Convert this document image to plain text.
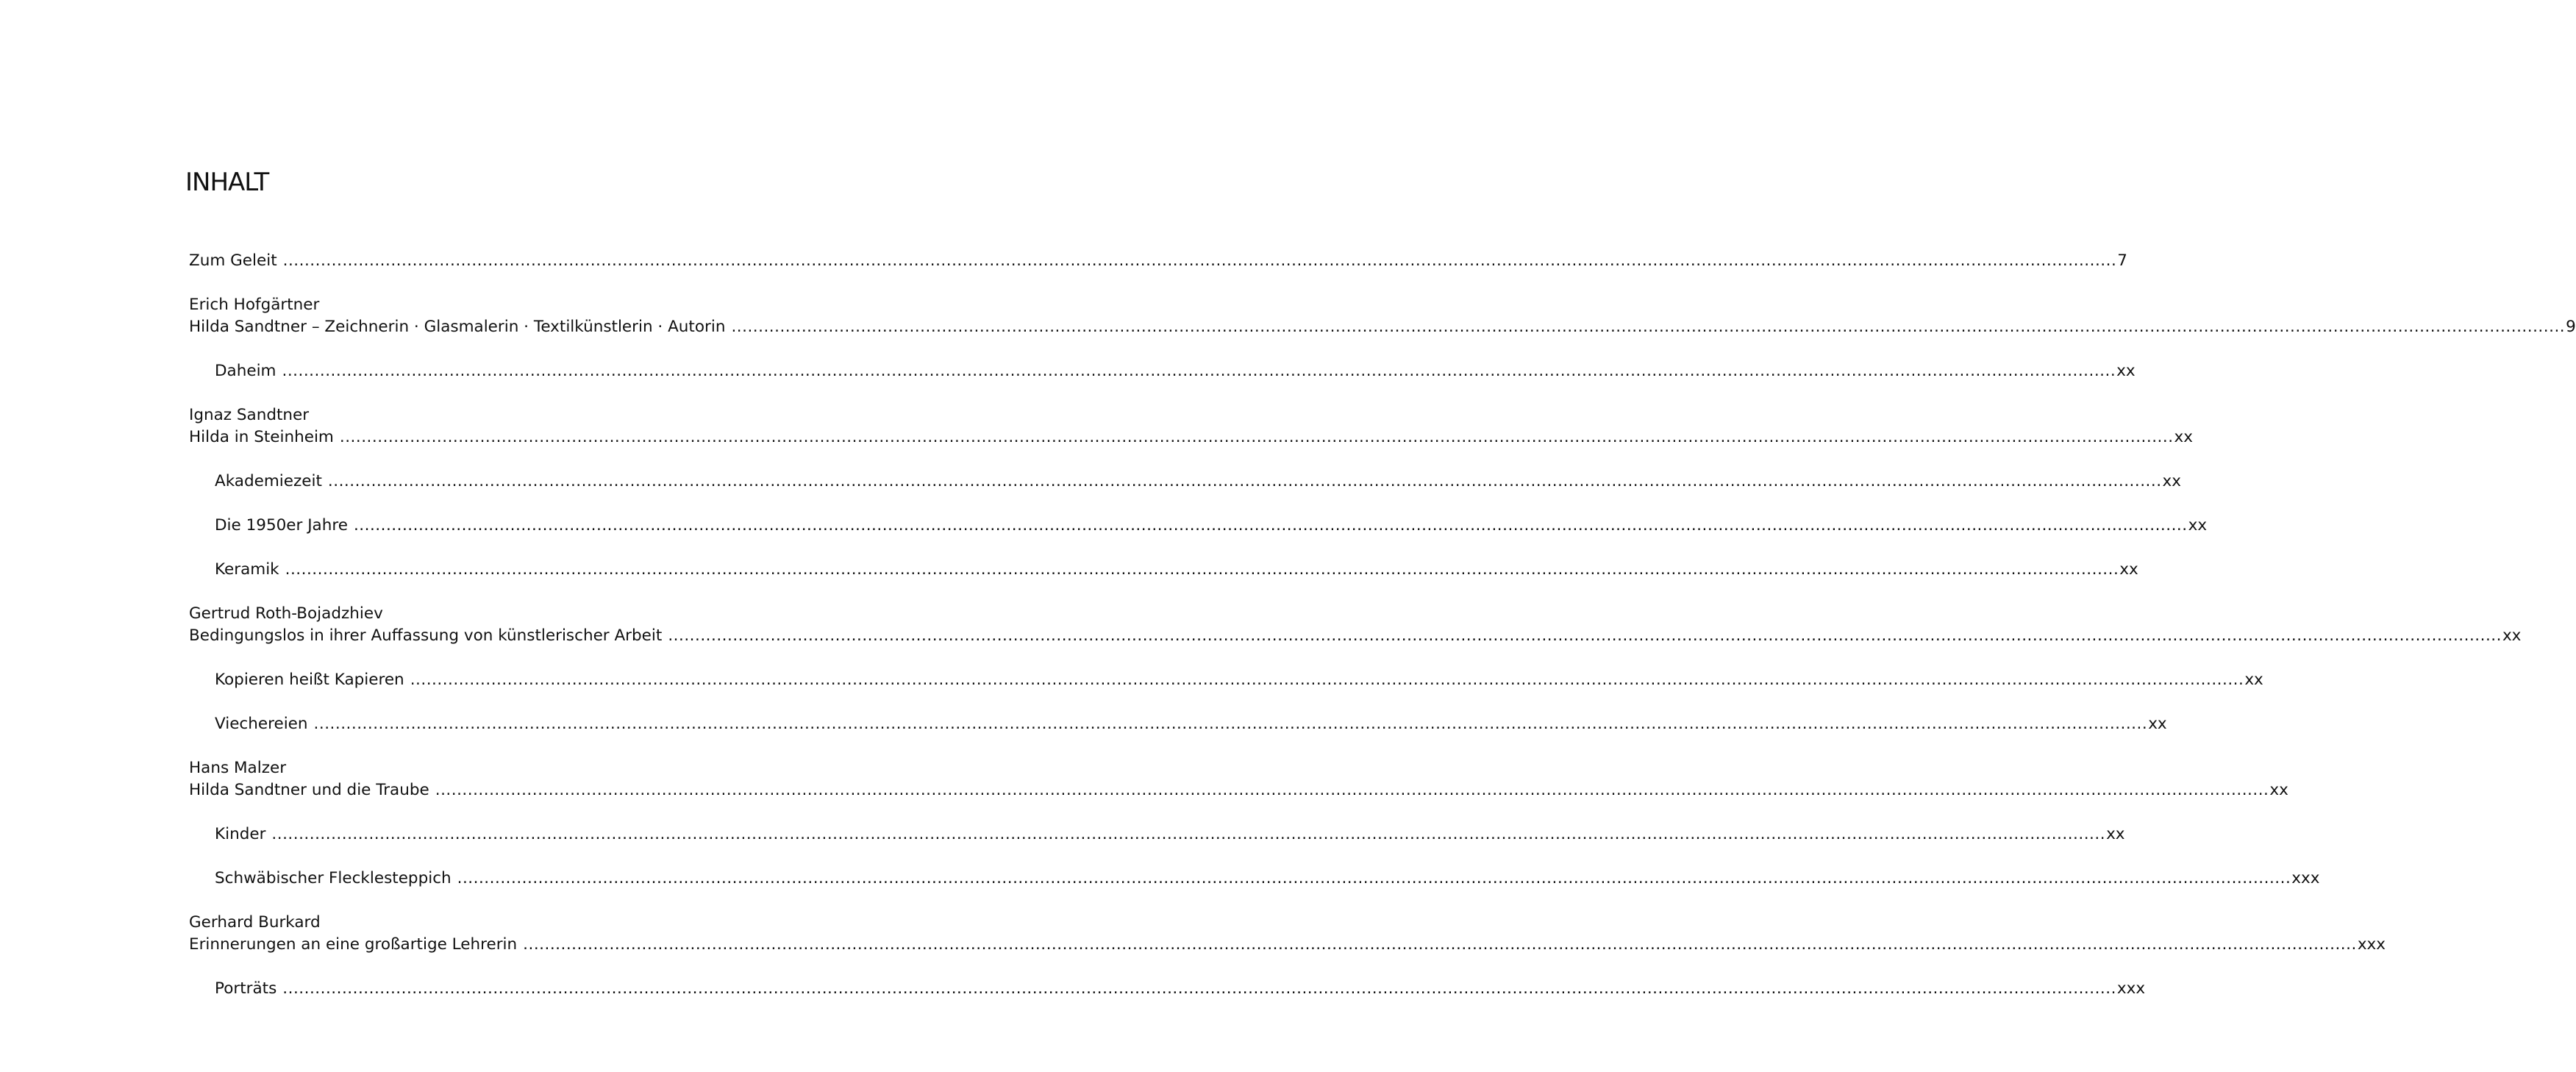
INHALT
Zum Geleit .....	7
Erich Hofgärtner
Hilda Sandtner – Zeichnerin · Glasmalerin · Textilkünstlerin · Autorin .....	9
Daheim .....	xx
Ignaz Sandtner
Hilda in Steinheim .....	xx
Akademiezeit .....	xx
Die 1950er Jahre .....	xx
Keramik .....	xx
Gertrud Roth-Bojadzhiev
Bedingungslos in ihrer Auffassung von künstlerischer Arbeit .....	xx
Kopieren heißt Kapieren .....	xx
Viechereien .....	xx
Hans Malzer
Hilda Sandtner und die Traube .....	xx
Kinder .....	xx
Schwäbischer Flecklesteppich .....	xxx
Gerhard Burkard
Erinnerungen an eine großartige Lehrerin .....	xxx
Porträts .....	xxx
